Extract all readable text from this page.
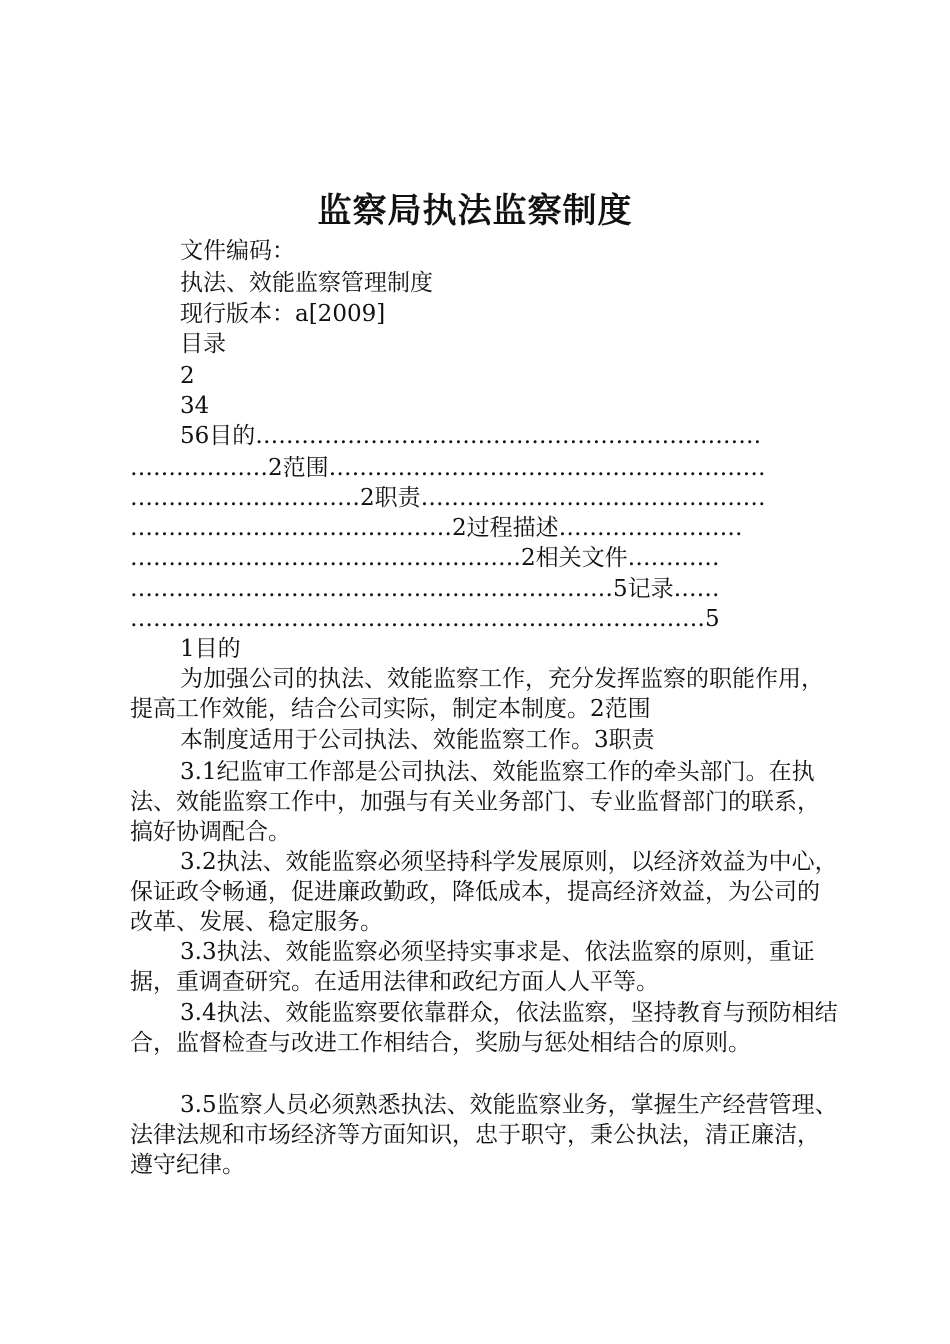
监察局执法监察制度
文件编码：
执法、效能监察管理制度
现行版本：a[2009]
目录
2
34
56目的…………………………………………………………
………………2范围…………………………………………………
…………………………2职责………………………………………
……………………………………2过程描述……………………
……………………………………………2相关文件…………
………………………………………………………5记录……
…………………………………………………………………5
1目的
为加强公司的执法、效能监察工作，充分发挥监察的职能作用，提高工作效能，结合公司实际，制定本制度。2范围
本制度适用于公司执法、效能监察工作。3职责
3.1纪监审工作部是公司执法、效能监察工作的牵头部门。在执法、效能监察工作中，加强与有关业务部门、专业监督部门的联系，搞好协调配合。
3.2执法、效能监察必须坚持科学发展原则，以经济效益为中心，保证政令畅通，促进廉政勤政，降低成本，提高经济效益，为公司的改革、发展、稳定服务。
3.3执法、效能监察必须坚持实事求是、依法监察的原则，重证据，重调查研究。在适用法律和政纪方面人人平等。
3.4执法、效能监察要依靠群众，依法监察，坚持教育与预防相结合，监督检查与改进工作相结合，奖励与惩处相结合的原则。
3.5监察人员必须熟悉执法、效能监察业务，掌握生产经营管理、法律法规和市场经济等方面知识，忠于职守，秉公执法，清正廉洁，遵守纪律。
